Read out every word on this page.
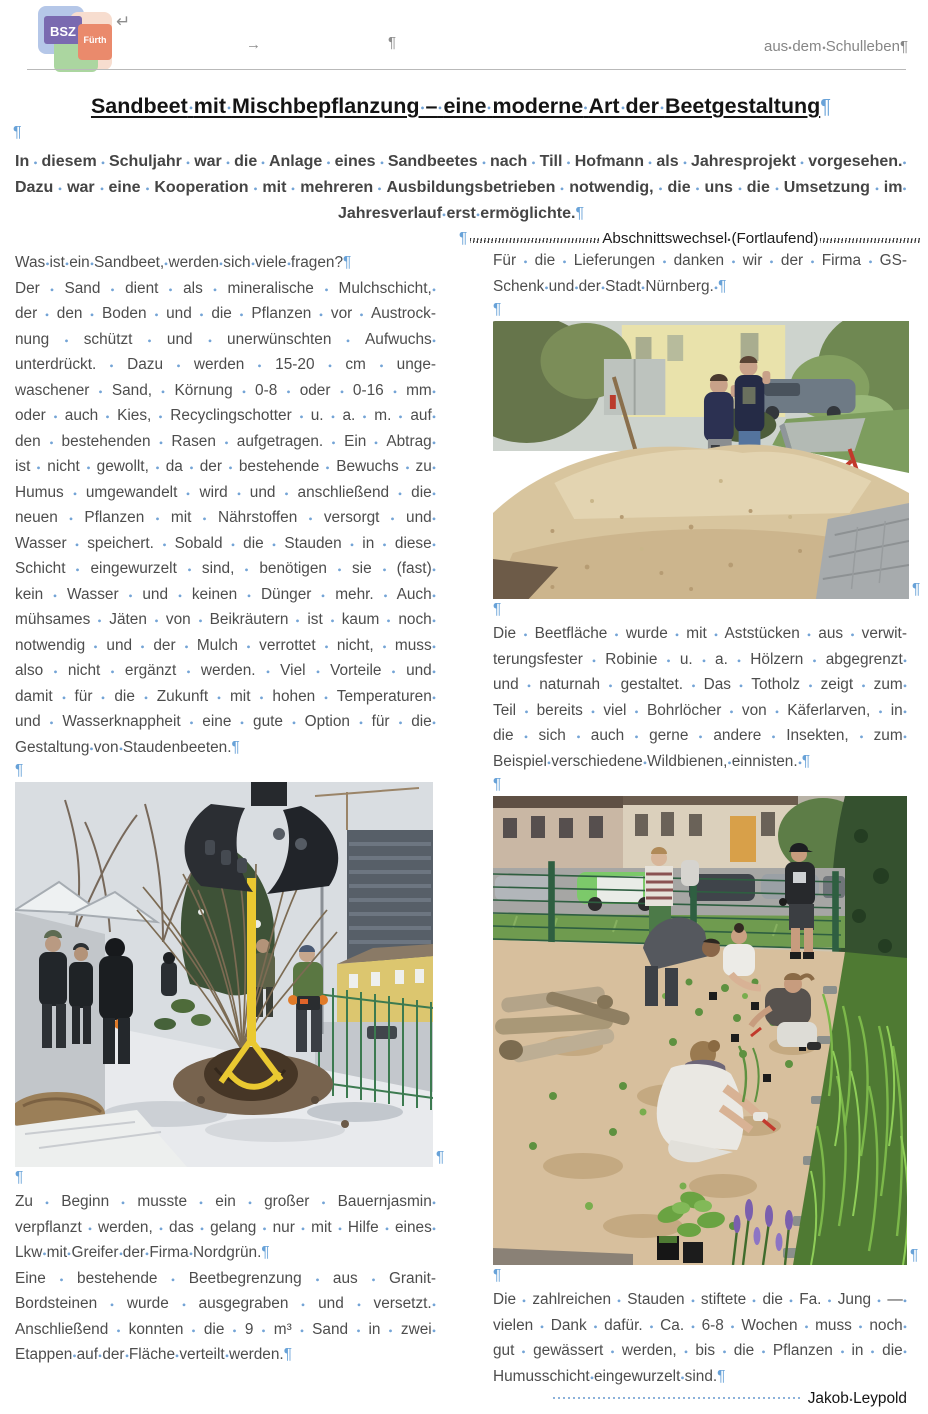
BSZ
Fürth
↵
→	¶	aus dem Schulleben¶
Sandbeet mit Mischbepflanzung – eine moderne Art der Beetgestaltung¶
¶
In diesem Schuljahr war die Anlage eines Sandbeetes nach Till Hofmann als Jahresprojekt vorgesehen.
Dazu war eine Kooperation mit mehreren Ausbildungsbetrieben notwendig, die uns die Umsetzung im
Jahresverlauf erst ermöglichte.¶
¶	Abschnittswechsel (Fortlaufend)
Was ist ein Sandbeet, werden sich viele fragen?¶
Der Sand dient als mineralische Mulchschicht,
der den Boden und die Pflanzen vor Austrock-
nung schützt und unerwünschten Aufwuchs
unterdrückt. Dazu werden 15-20 cm unge-
waschener Sand, Körnung 0-8 oder 0-16 mm
oder auch Kies, Recyclingschotter u. a. m. auf
den bestehenden Rasen aufgetragen. Ein Abtrag
ist nicht gewollt, da der bestehende Bewuchs zu
Humus umgewandelt wird und anschließend die
neuen Pflanzen mit Nährstoffen versorgt und
Wasser speichert. Sobald die Stauden in diese
Schicht eingewurzelt sind, benötigen sie (fast)
kein Wasser und keinen Dünger mehr. Auch
mühsames Jäten von Beikräutern ist kaum noch
notwendig und der Mulch verrottet nicht, muss
also nicht ergänzt werden. Viel Vorteile und
damit für die Zukunft mit hohen Temperaturen
und Wasserknappheit eine gute Option für die
Gestaltung von Staudenbeeten.¶
¶
¶
¶
Zu Beginn musste ein großer Bauernjasmin
verpflanzt werden, das gelang nur mit Hilfe eines
Lkw mit Greifer der Firma Nordgrün.¶
Eine bestehende Beetbegrenzung aus Granit-
Bordsteinen wurde ausgegraben und versetzt.
Anschließend konnten die 9 m³ Sand in zwei
Etappen auf der Fläche verteilt werden.¶
Für die Lieferungen danken wir der Firma GS-
Schenk und der Stadt Nürnberg. ¶
¶
¶
¶
Die Beetfläche wurde mit Aststücken aus verwit-
terungsfester Robinie u. a. Hölzern abgegrenzt
und naturnah gestaltet. Das Totholz zeigt zum
Teil bereits viel Bohrlöcher von Käferlarven, in
die sich auch gerne andere Insekten, zum
Beispiel verschiedene Wildbienen, einnisten. ¶
¶
¶
¶
Die zahlreichen Stauden stiftete die Fa. Jung —
vielen Dank dafür. Ca. 6-8 Wochen muss noch
gut gewässert werden, bis die Pflanzen in die
Humusschicht eingewurzelt sind.¶
Jakob Leypold
